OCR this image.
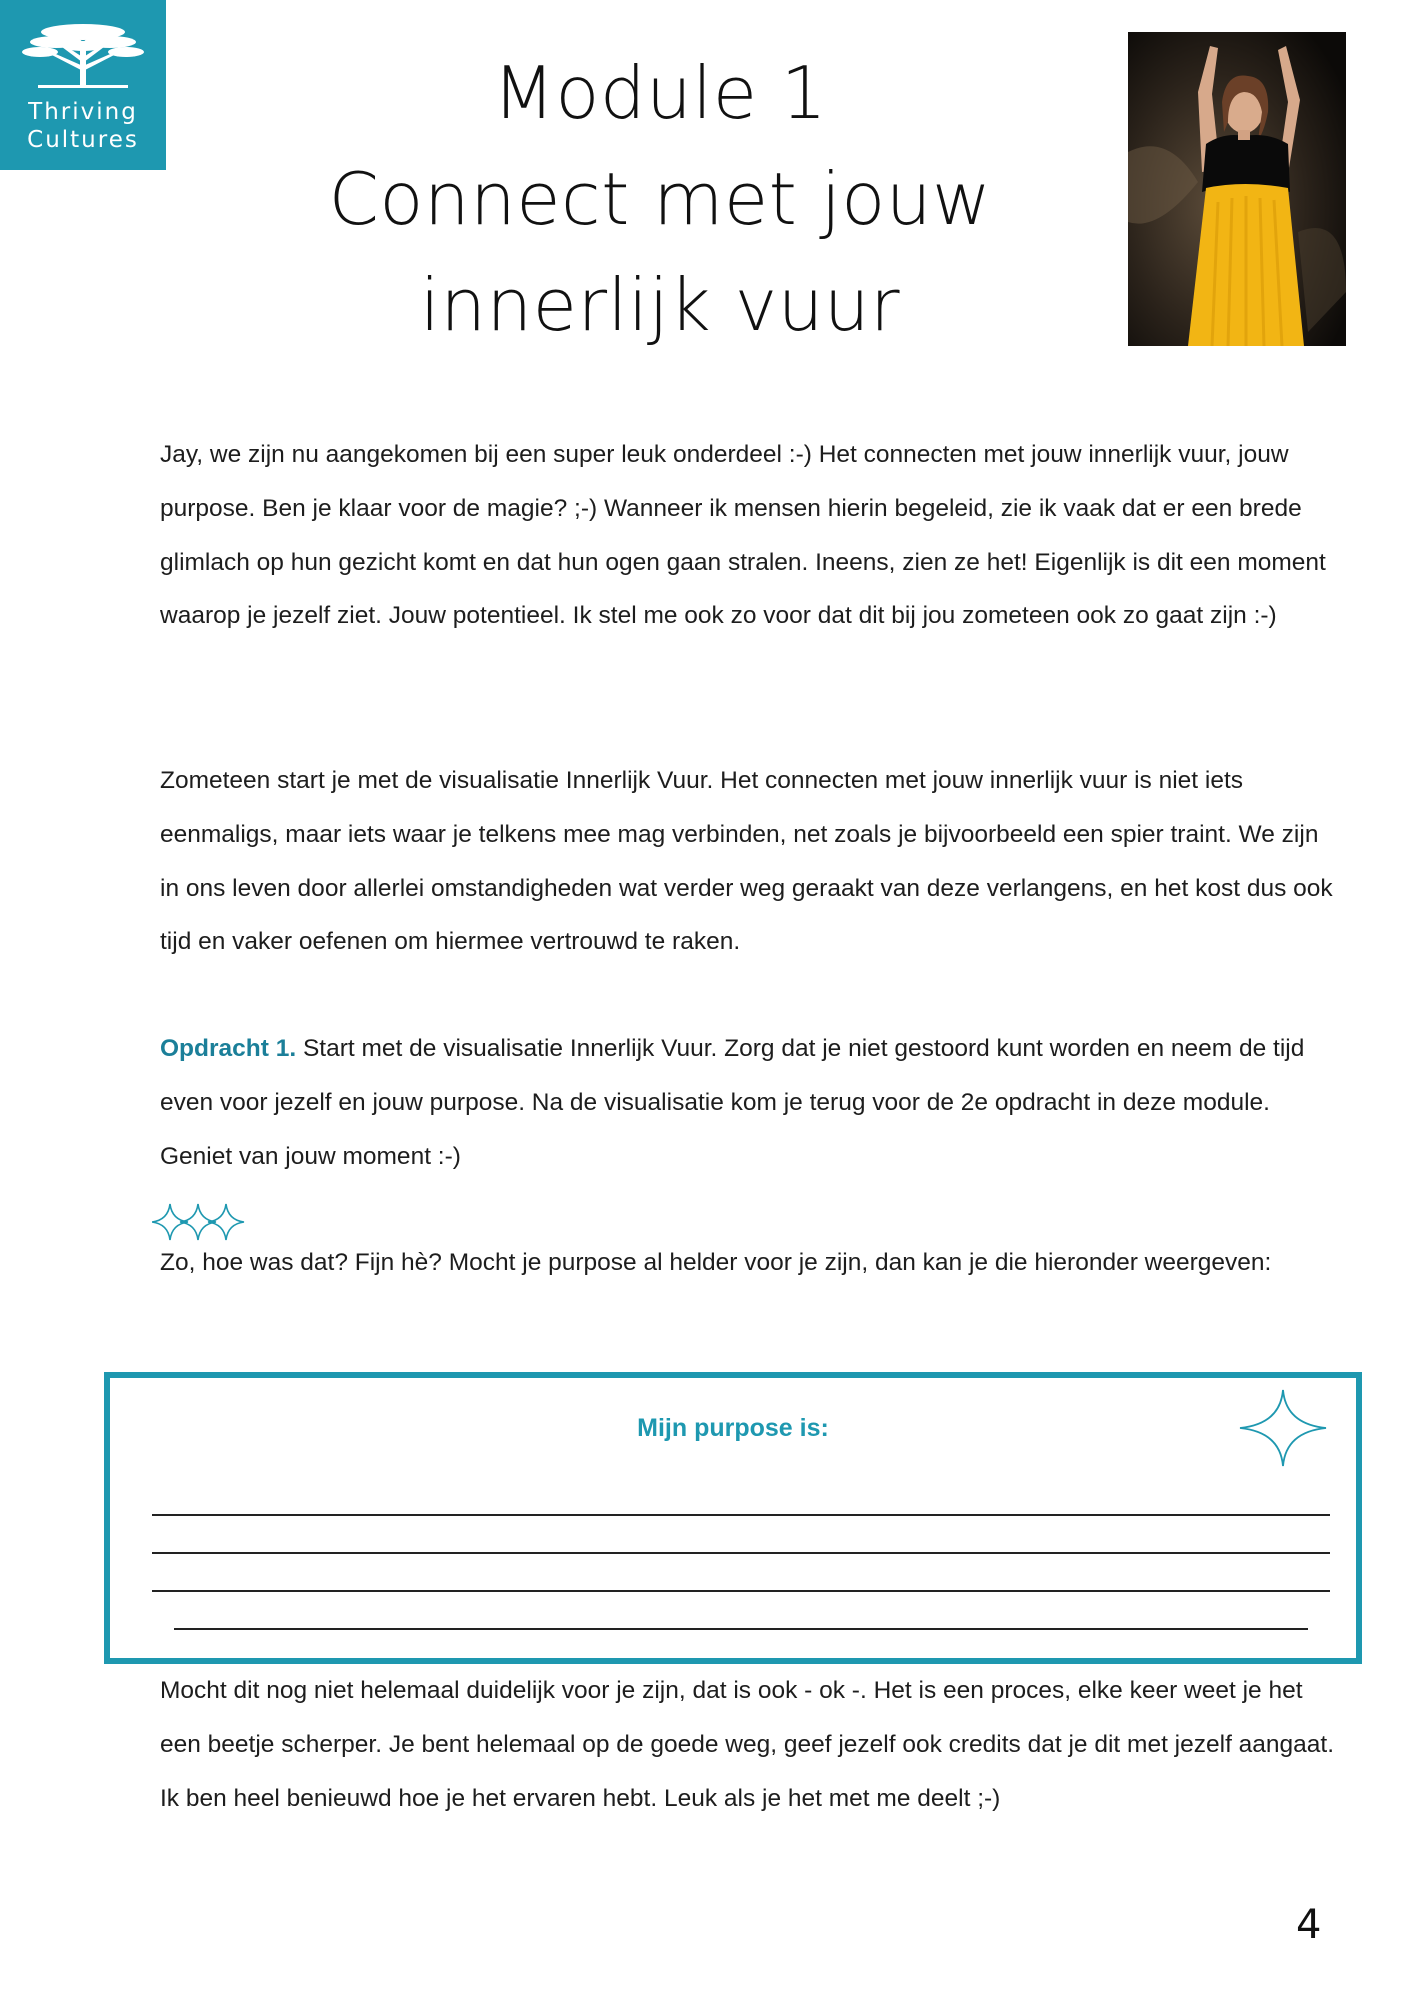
Thriving
Cultures
Module 1
Connect met jouw
innerlijk vuur
Jay, we zijn nu aangekomen bij een super leuk onderdeel :-) Het connecten met jouw innerlijk vuur, jouw purpose. Ben je klaar voor de magie? ;-) Wanneer ik mensen hierin begeleid, zie ik vaak dat er een brede glimlach op hun gezicht komt en dat hun ogen gaan stralen. Ineens, zien ze het! Eigenlijk is dit een moment waarop je jezelf ziet. Jouw potentieel. Ik stel me ook zo voor dat dit bij jou zometeen ook zo gaat zijn :-)
Zometeen start je met de visualisatie Innerlijk Vuur. Het connecten met jouw innerlijk vuur is niet iets eenmaligs, maar iets waar je telkens mee mag verbinden, net zoals je bijvoorbeeld een spier traint. We zijn in ons leven door allerlei omstandigheden wat verder weg geraakt van deze verlangens, en het kost dus ook tijd en vaker oefenen om hiermee vertrouwd te raken.
Opdracht 1. Start met de visualisatie Innerlijk Vuur. Zorg dat je niet gestoord kunt worden en neem de tijd even voor jezelf en jouw purpose. Na de visualisatie kom je terug voor de 2e opdracht in deze module. Geniet van jouw moment :-)
Zo, hoe was dat? Fijn hè? Mocht je purpose al helder voor je zijn, dan kan je die hieronder weergeven:
Mijn purpose is:
Mocht dit nog niet helemaal duidelijk voor je zijn, dat is ook - ok -. Het is een proces, elke keer weet je het een beetje scherper. Je bent helemaal op de goede weg, geef jezelf ook credits dat je dit met jezelf aangaat. Ik ben heel benieuwd hoe je het ervaren hebt. Leuk als je het met me deelt ;-)
4
